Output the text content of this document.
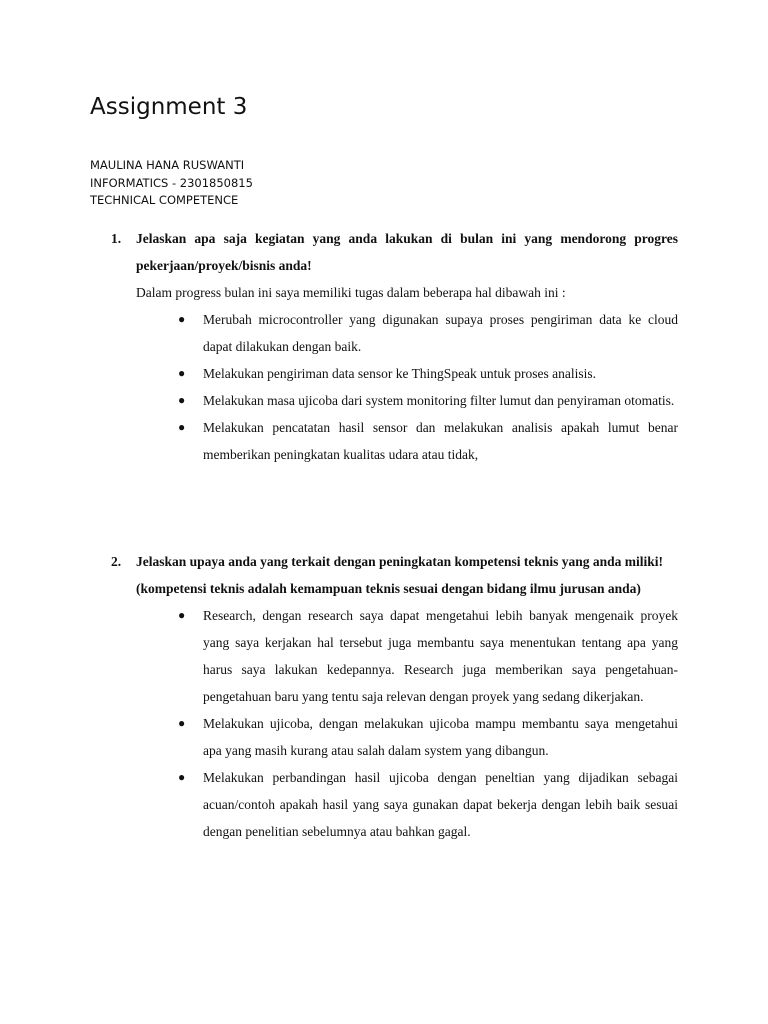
Assignment 3
MAULINA HANA RUSWANTI
INFORMATICS - 2301850815
TECHNICAL COMPETENCE
1. Jelaskan apa saja kegiatan yang anda lakukan di bulan ini yang mendorong progres pekerjaan/proyek/bisnis anda!

Dalam progress bulan ini saya memiliki tugas dalam beberapa hal dibawah ini :

● Merubah microcontroller yang digunakan supaya proses pengiriman data ke cloud dapat dilakukan dengan baik.
● Melakukan pengiriman data sensor ke ThingSpeak untuk proses analisis.
● Melakukan masa ujicoba dari system monitoring filter lumut dan penyiraman otomatis.
● Melakukan pencatatan hasil sensor dan melakukan analisis apakah lumut benar memberikan peningkatan kualitas udara atau tidak,
2. Jelaskan upaya anda yang terkait dengan peningkatan kompetensi teknis yang anda miliki!

(kompetensi teknis adalah kemampuan teknis sesuai dengan bidang ilmu jurusan anda)

● Research, dengan research saya dapat mengetahui lebih banyak mengenaik proyek yang saya kerjakan hal tersebut juga membantu saya menentukan tentang apa yang harus saya lakukan kedepannya. Research juga memberikan saya pengetahuan-pengetahuan baru yang tentu saja relevan dengan proyek yang sedang dikerjakan.
● Melakukan ujicoba, dengan melakukan ujicoba mampu membantu saya mengetahui apa yang masih kurang atau salah dalam system yang dibangun.
● Melakukan perbandingan hasil ujicoba dengan peneltian yang dijadikan sebagai acuan/contoh apakah hasil yang saya gunakan dapat bekerja dengan lebih baik sesuai dengan penelitian sebelumnya atau bahkan gagal.
